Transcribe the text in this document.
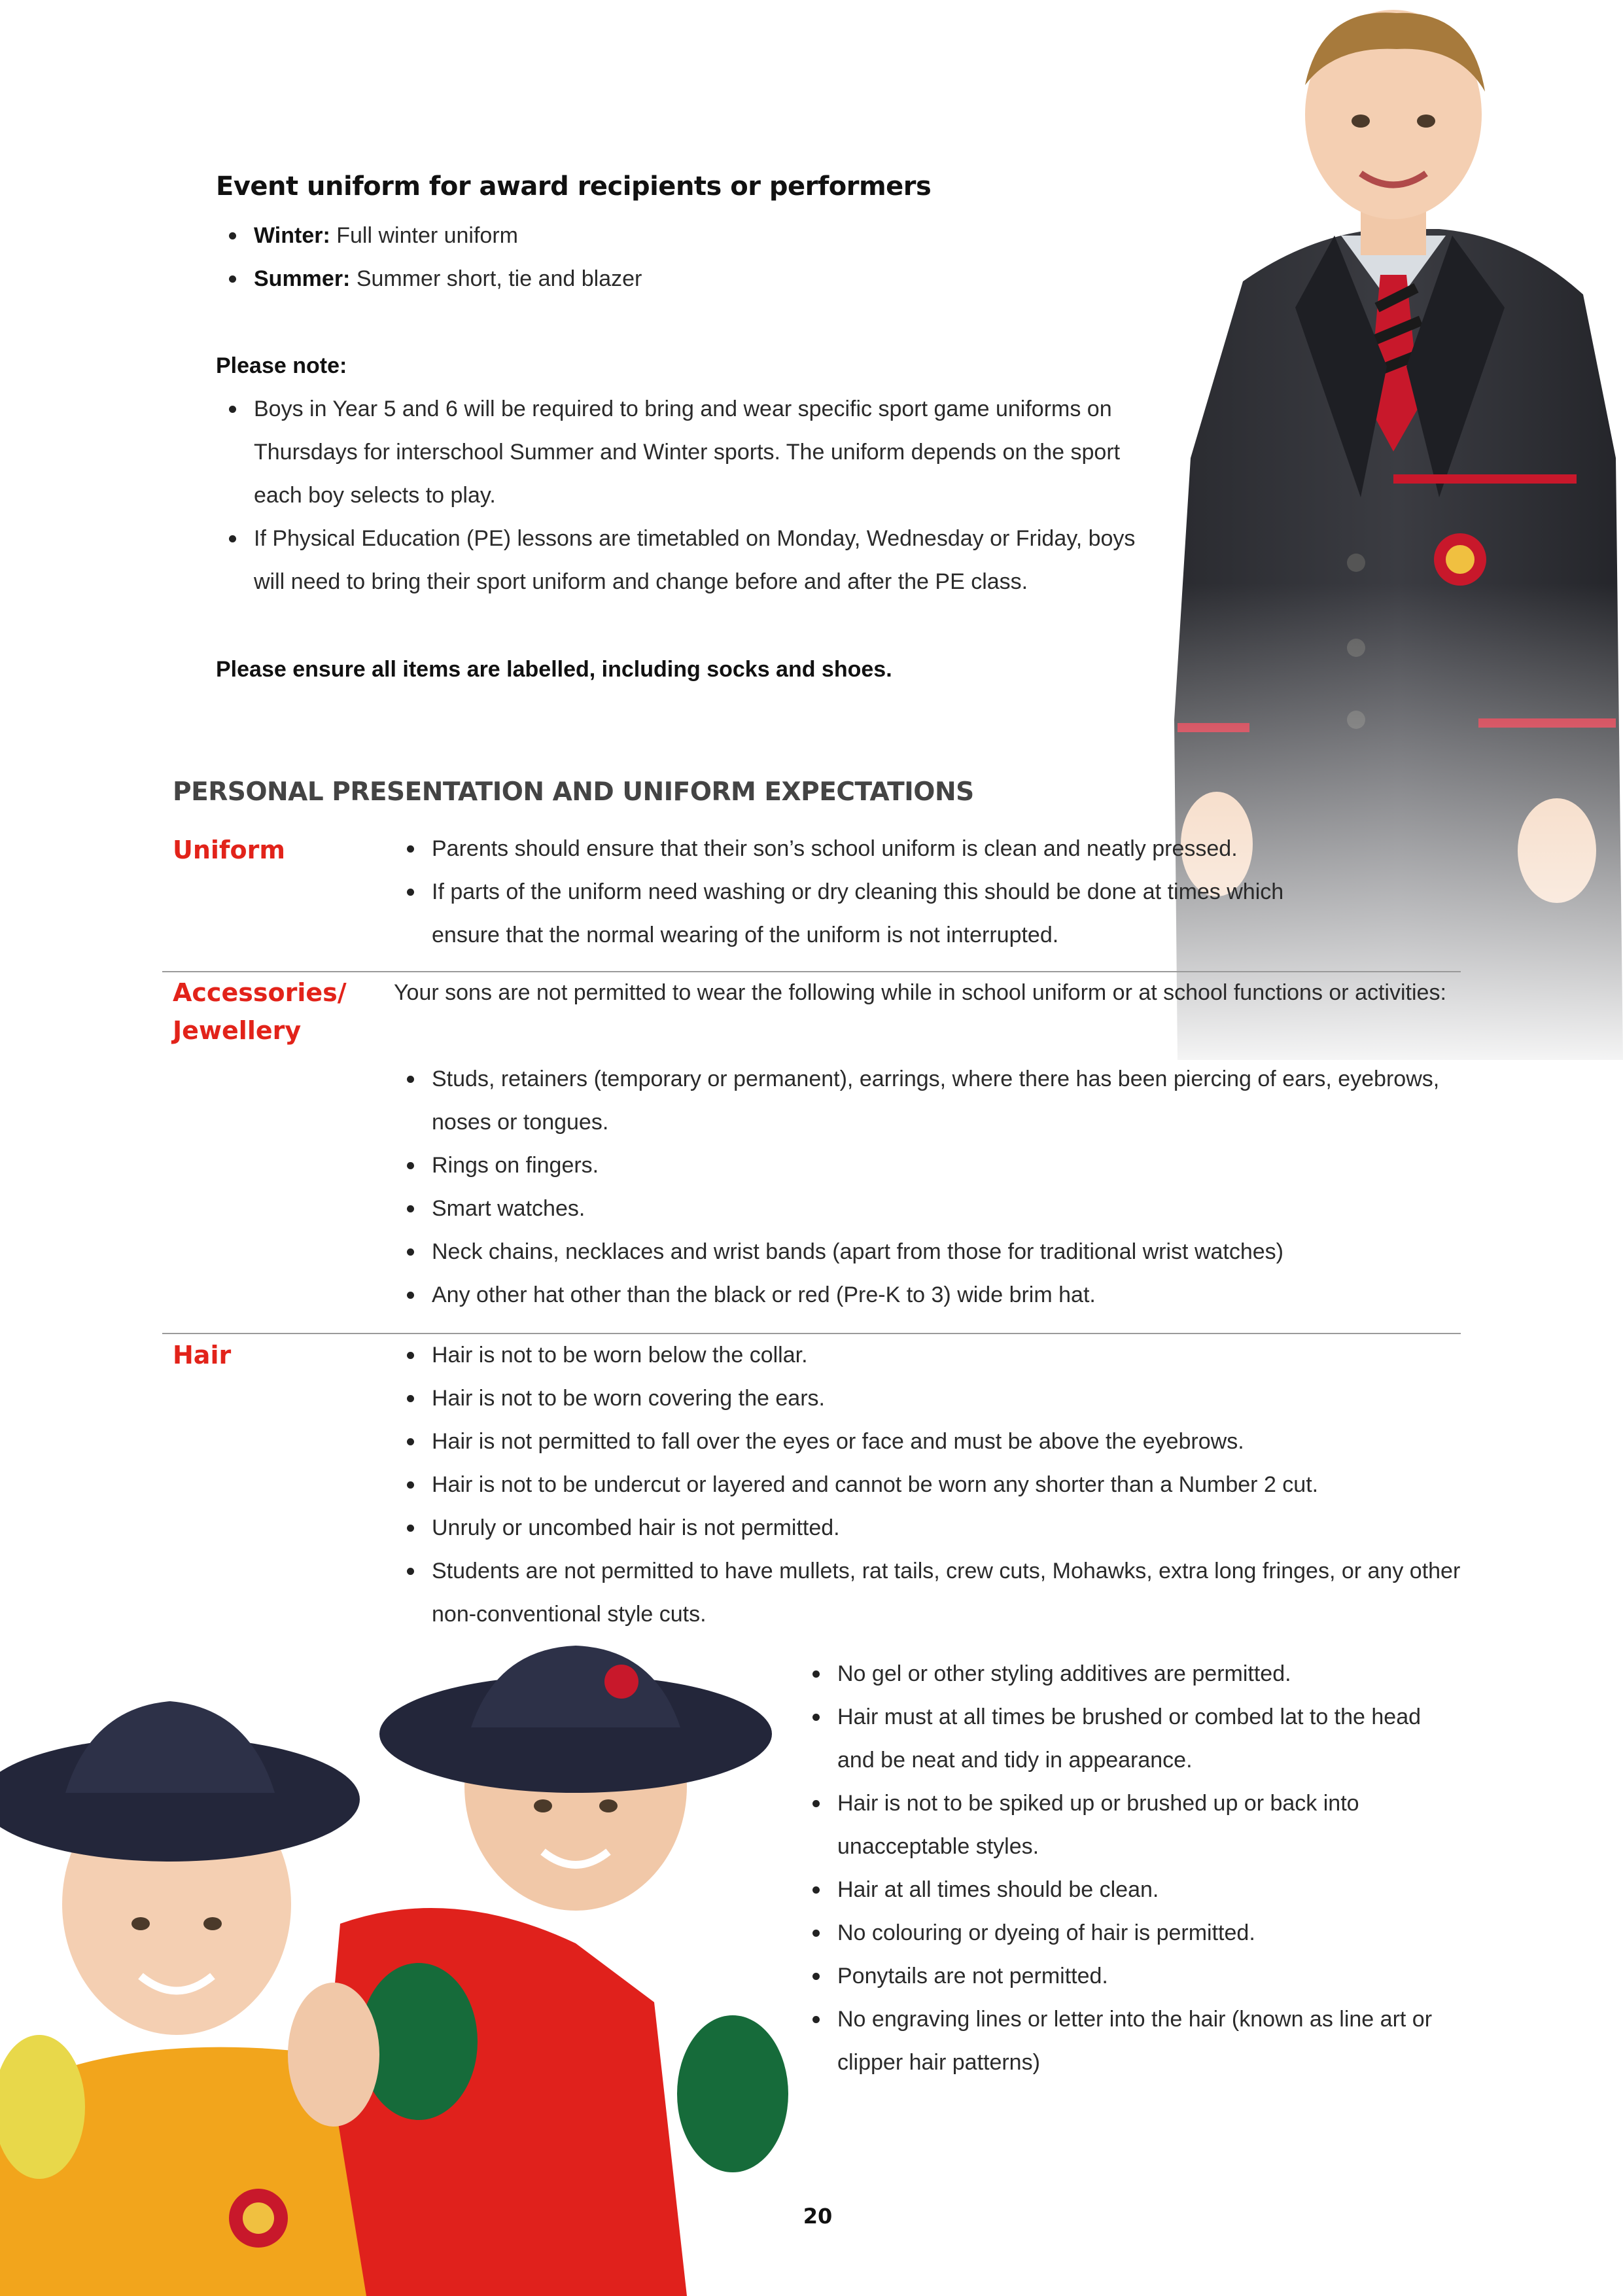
Event uniform for award recipients or performers
Winter: Full winter uniform
Summer: Summer short, tie and blazer

Please note:

Boys in Year 5 and 6 will be required to bring and wear specific sport game uniforms on Thursdays for interschool Summer and Winter sports. The uniform depends on the sport each boy selects to play.
If Physical Education (PE) lessons are timetabled on Monday, Wednesday or Friday, boys will need to bring their sport uniform and change before and after the PE class.

Please ensure all items are labelled, including socks and shoes.

PERSONAL PRESENTATION AND UNIFORM EXPECTATIONS

Uniform	Parents should ensure that their son’s school uniform is clean and neatly pressed.
If parts of the uniform need washing or dry cleaning this should be done at times which ensure that the normal wearing of the uniform is not interrupted.

Accessories/
Jewellery

Your sons are not permitted to wear the following while in school uniform or at school functions or activities:

Studs, retainers (temporary or permanent), earrings, where there has been piercing of ears, eyebrows, noses or tongues.
Rings on fingers.
Smart watches.
Neck chains, necklaces and wrist bands (apart from those for traditional wrist watches)
Any other hat other than the black or red (Pre-K to 3) wide brim hat.

Hair	Hair is not to be worn below the collar.
Hair is not to be worn covering the ears.
Hair is not permitted to fall over the eyes or face and must be above the eyebrows.
Hair is not to be undercut or layered and cannot be worn any shorter than a Number 2 cut.
Unruly or uncombed hair is not permitted.
Students are not permitted to have mullets, rat tails, crew cuts, Mohawks, extra long fringes, or any other non-conventional style cuts.
No gel or other styling additives are permitted.
Hair must at all times be brushed or combed lat to the head and be neat and tidy in appearance.
Hair is not to be spiked up or brushed up or back into unacceptable styles.
Hair at all times should be clean.
No colouring or dyeing of hair is permitted.
Ponytails are not permitted.
No engraving lines or letter into the hair (known as line art or clipper hair patterns)
20
